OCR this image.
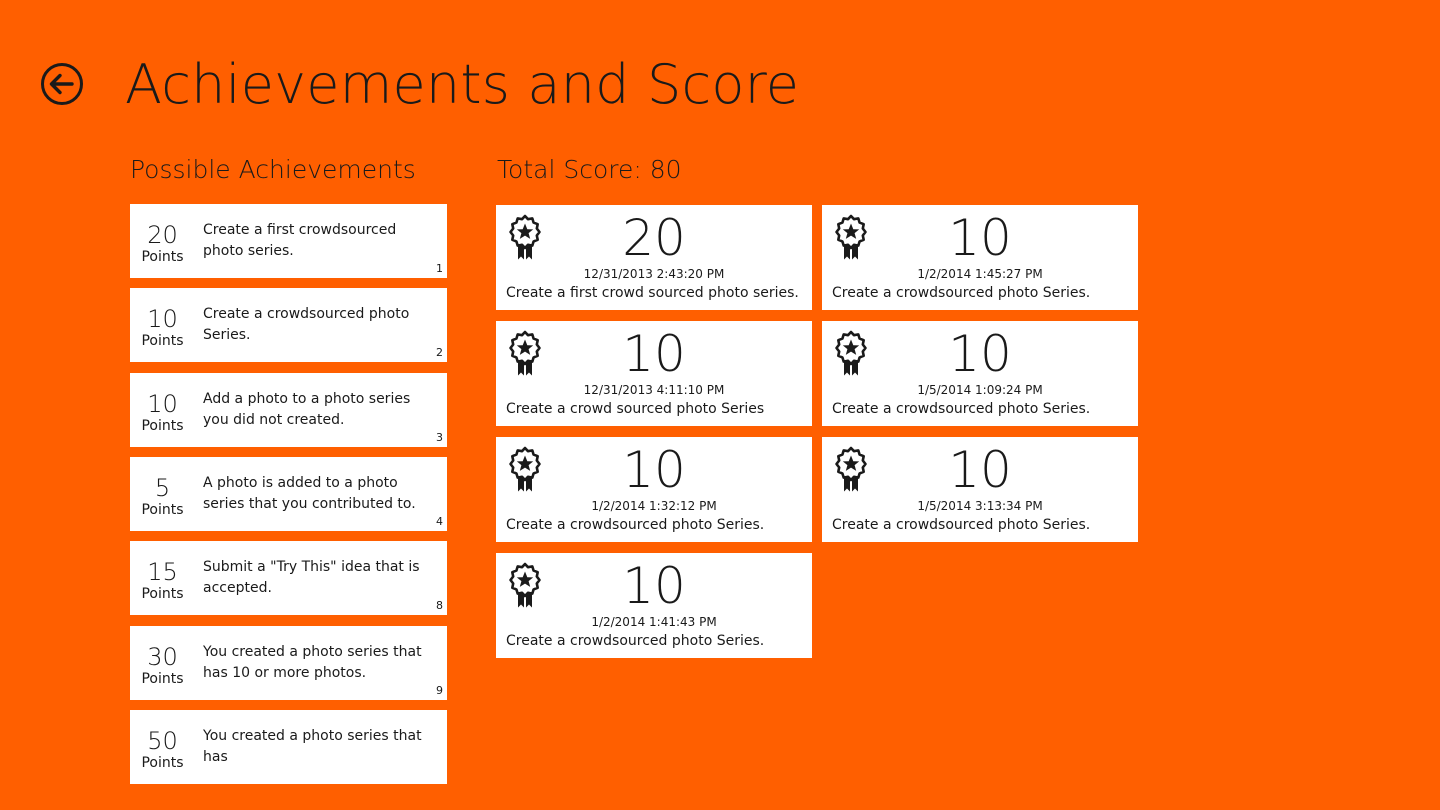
Achievements and Score
Possible Achievements	Total Score: 80
20
Points
Create a first crowdsourced photo series.
1
10
Points
Create a crowdsourced photo Series.
2
10
Points
Add a photo to a photo series you did not created.
3
5
Points
A photo is added to a photo series that you contributed to.
4
15
Points
Submit a "Try This" idea that is accepted.
8
30
Points
You created a photo series that has 10 or more photos.
9
50
Points
You created a photo series that has
20
12/31/2013 2:43:20 PM
Create a first crowd sourced photo series.
10
12/31/2013 4:11:10 PM
Create a crowd sourced photo Series
10
1/2/2014 1:32:12 PM
Create a crowdsourced photo Series.
10
1/2/2014 1:41:43 PM
Create a crowdsourced photo Series.
10
1/2/2014 1:45:27 PM
Create a crowdsourced photo Series.
10
1/5/2014 1:09:24 PM
Create a crowdsourced photo Series.
10
1/5/2014 3:13:34 PM
Create a crowdsourced photo Series.
